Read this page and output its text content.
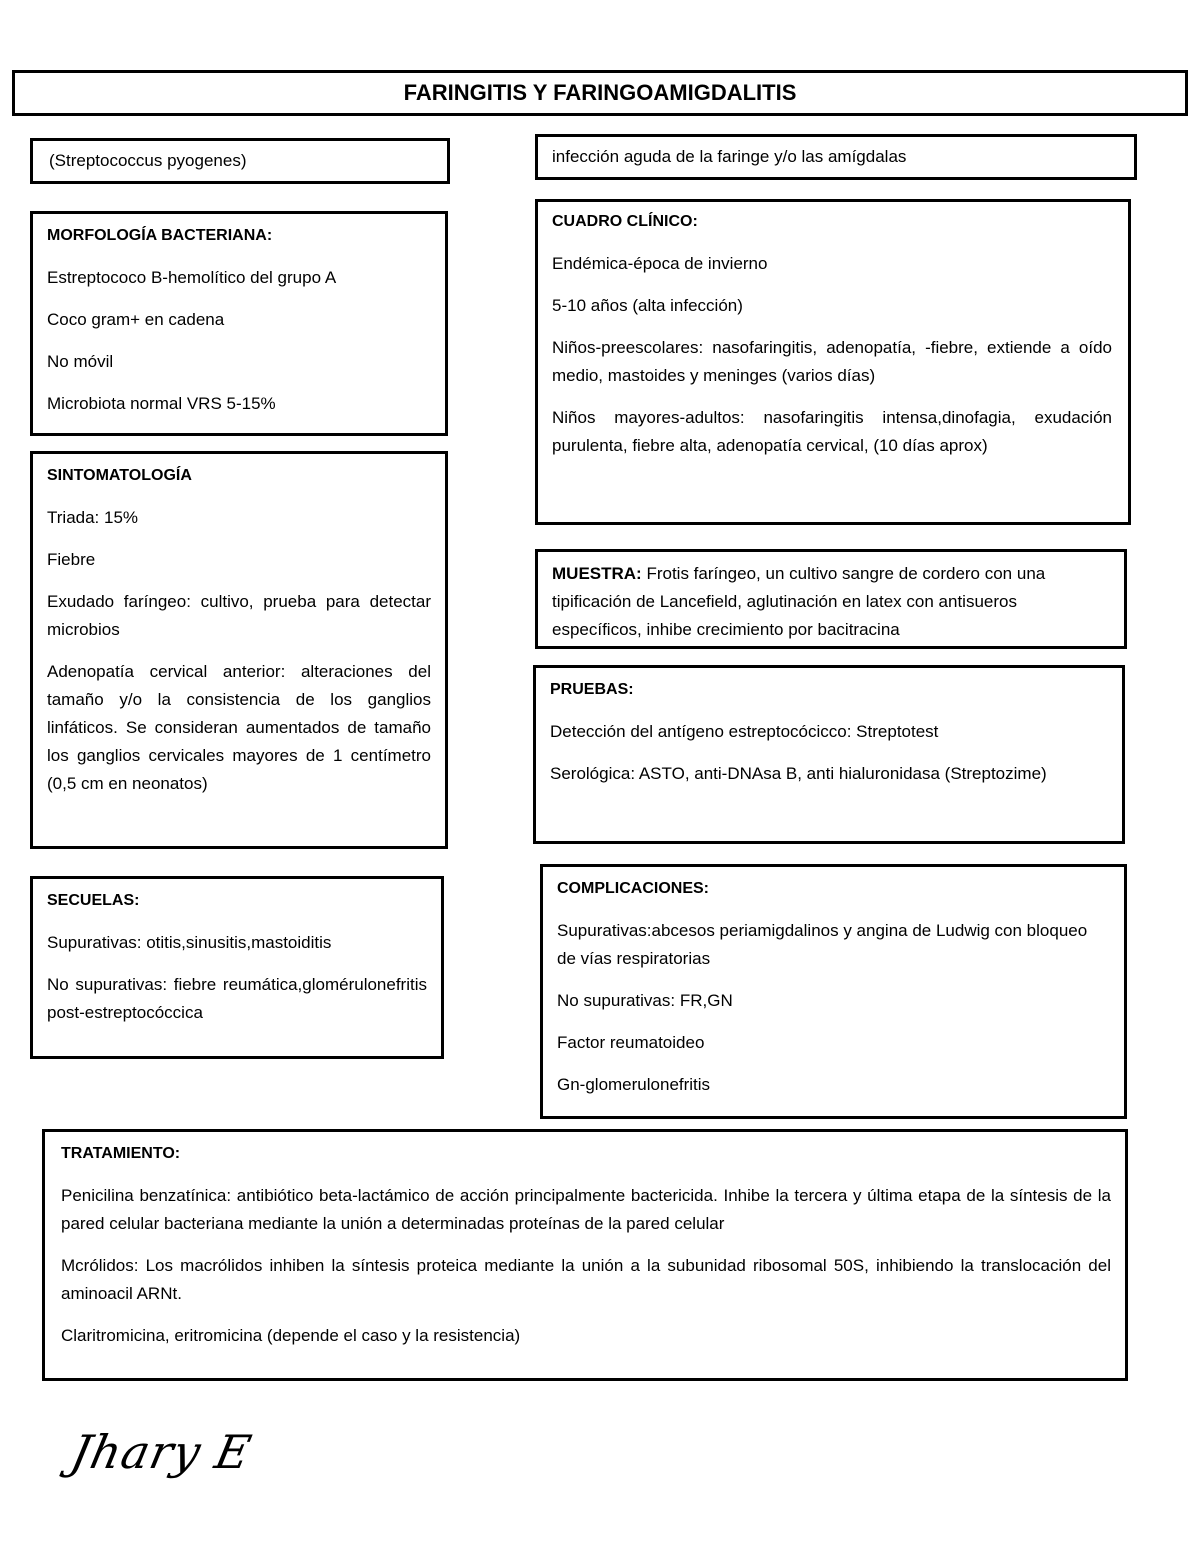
FARINGITIS Y FARINGOAMIGDALITIS
(Streptococcus pyogenes)

MORFOLOGÍA BACTERIANA:

Estreptococo B-hemolítico del grupo A

Coco gram+ en cadena

No móvil

Microbiota normal VRS 5-15%

SINTOMATOLOGÍA

Triada: 15%

Fiebre

Exudado faríngeo: cultivo, prueba para detectar microbios

Adenopatía cervical anterior: alteraciones del tamaño y/o la consistencia de los ganglios linfáticos. Se consideran aumentados de tamaño los ganglios cervicales mayores de 1 centímetro (0,5 cm en neonatos)

SECUELAS:

Supurativas: otitis,sinusitis,mastoiditis

No supurativas: fiebre reumática,glomérulonefritis post-estreptocóccica

infección aguda de la faringe y/o las amígdalas

CUADRO CLÍNICO:

Endémica-época de invierno

5-10 años (alta infección)

Niños-preescolares: nasofaringitis, adenopatía, -fiebre, extiende a oído medio, mastoides y meninges (varios días)

Niños mayores-adultos: nasofaringitis intensa,dinofagia, exudación purulenta, fiebre alta, adenopatía cervical, (10 días aprox)

MUESTRA: Frotis faríngeo, un cultivo sangre de cordero con una tipificación de Lancefield, aglutinación en latex con antisueros específicos, inhibe crecimiento por bacitracina

PRUEBAS:

Detección del antígeno estreptocócicco: Streptotest

Serológica: ASTO, anti-DNAsa B, anti hialuronidasa (Streptozime)

COMPLICACIONES:

Supurativas:abcesos periamigdalinos y angina de Ludwig con bloqueo de vías respiratorias

No supurativas: FR,GN

Factor reumatoideo

Gn-glomerulonefritis

TRATAMIENTO:

Penicilina benzatínica: antibiótico beta-lactámico de acción principalmente bactericida. Inhibe la tercera y última etapa de la síntesis de la pared celular bacteriana mediante la unión a determinadas proteínas de la pared celular

Mcrólidos: Los macrólidos inhiben la síntesis proteica mediante la unión a la subunidad ribosomal 50S, inhibiendo la translocación del aminoacil ARNt.

Claritromicina, eritromicina (depende el caso y la resistencia)

Jhary E
